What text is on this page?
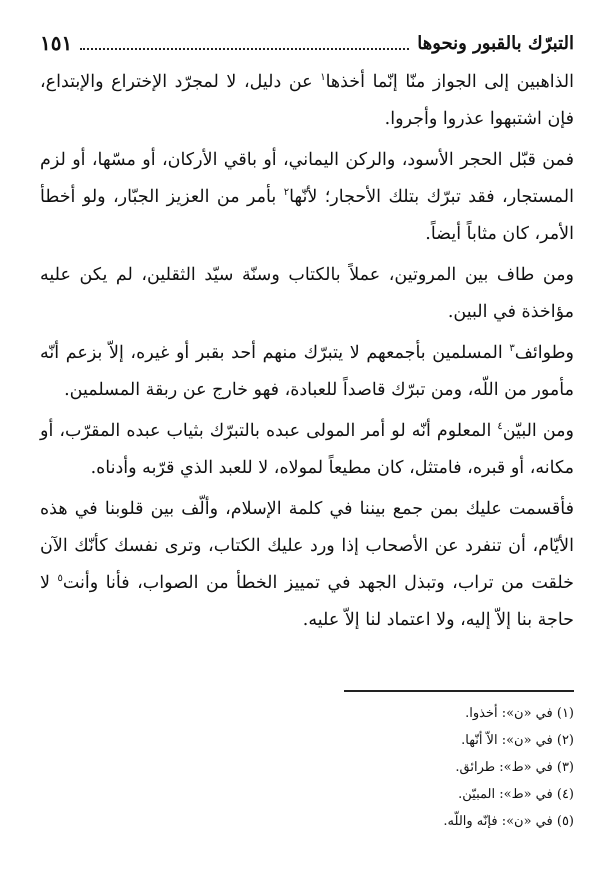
التبرّك بالقبور ونحوها
١٥١

الذاهبين إلى الجواز منّا إنّما أخذها$^١$ عن دليل، لا لمجرّد الإختراع والإبتداع، فإن اشتبهوا عذروا وأجروا.

فمن قبّل الحجر الأسود، والركن اليماني، أو باقي الأركان، أو مسّها، أو لزم المستجار، فقد تبرّك بتلك الأحجار؛ لأنّها$^٢$ بأمر من العزيز الجبّار، ولو أخطأ الأمر، كان مثاباً أيضاً.

ومن طاف بين المروتين، عملاً بالكتاب وسنّة سيّد الثقلين، لم يكن عليه مؤاخذة في البين.

وطوائف$^٣$ المسلمين بأجمعهم لا يتبرّك منهم أحد بقبر أو غيره، إلاّ بزعم أنّه مأمور من اللّه، ومن تبرّك قاصداً للعبادة، فهو خارج عن ربقة المسلمين.

ومن البيّن$^٤$ المعلوم أنّه لو أمر المولى عبده بالتبرّك بثياب عبده المقرّب، أو مكانه، أو قبره، فامتثل، كان مطيعاً لمولاه، لا للعبد الذي قرّبه وأدناه.

فأقسمت عليك بمن جمع بيننا في كلمة الإسلام، وألّف بين قلوبنا في هذه الأيّام، أن تنفرد عن الأصحاب إذا ورد عليك الكتاب، وترى نفسك كأنّك الآن خلقت من تراب، وتبذل الجهد في تمييز الخطأ من الصواب، فأنا وأنت$^٥$ لا حاجة بنا إلاّ إليه، ولا اعتماد لنا إلاّ عليه.

(١) في «ن»: أخذوا.
(٢) في «ن»: الاّ أنّها.
(٣) في «ط»: طرائق.
(٤) في «ط»: المبيّن.
(٥) في «ن»: فإنّه واللّه.
